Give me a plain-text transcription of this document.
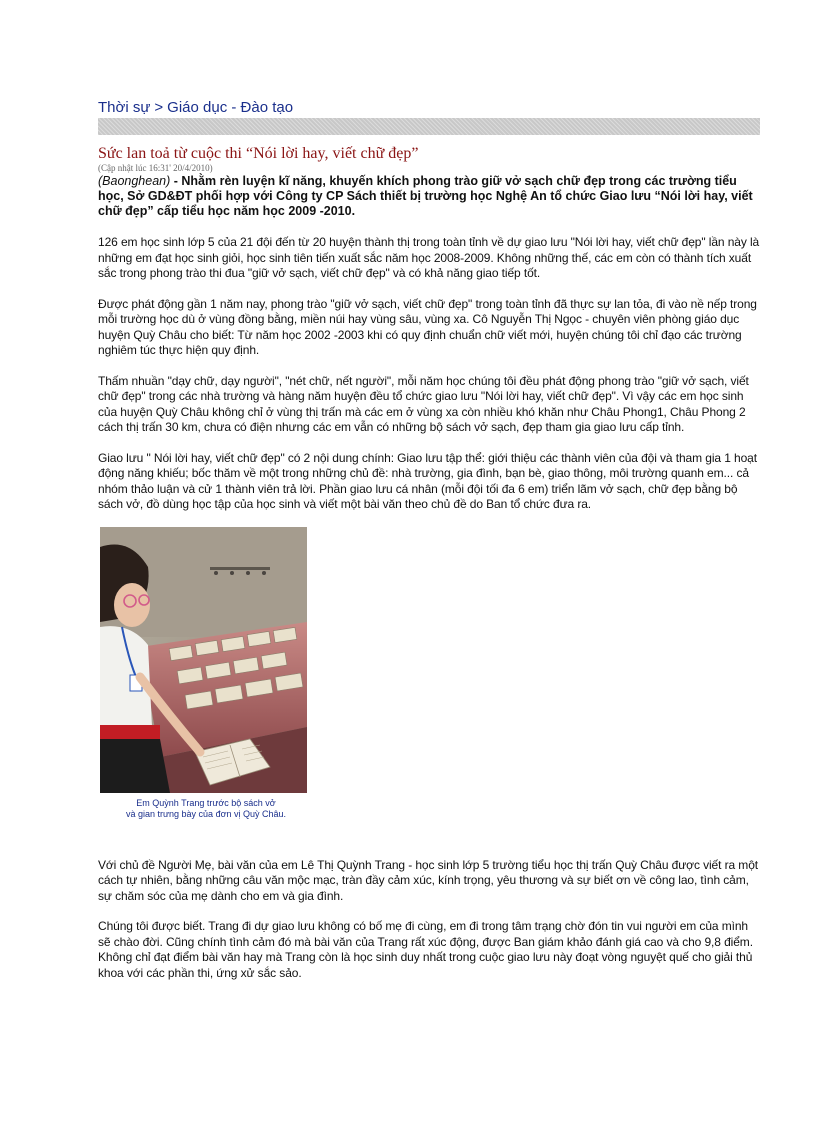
Thời sự > Giáo dục - Đào tạo
Sức lan toả từ cuộc thi “Nói lời hay, viết chữ đẹp”
(Cập nhật lúc 16:31' 20/4/2010)
(Baonghean) - Nhằm rèn luyện kĩ năng, khuyến khích phong trào giữ vở sạch chữ đẹp trong các trường tiểu học, Sở GD&ĐT phối hợp với Công ty CP Sách thiết bị trường học Nghệ An tổ chức Giao lưu “Nói lời hay, viết chữ đẹp” cấp tiểu học năm học 2009 -2010.

126 em học sinh lớp 5 của 21 đội đến từ 20 huyện thành thị trong toàn tỉnh về dự giao lưu "Nói lời hay, viết chữ đẹp" lần này là những em đạt học sinh giỏi, học sinh tiên tiến xuất sắc năm học 2008-2009. Không những thế, các em còn có thành tích xuất sắc trong phong trào thi đua "giữ vở sạch, viết chữ đẹp" và có khả năng giao tiếp tốt.

Được phát động gần 1 năm nay, phong trào "giữ vở sạch, viết chữ đẹp" trong toàn tỉnh đã thực sự lan tỏa, đi vào nề nếp trong mỗi trường học dù ở vùng đồng bằng, miền núi hay vùng sâu, vùng xa. Cô Nguyễn Thị Ngọc - chuyên viên phòng giáo dục huyện Quỳ Châu cho biết: Từ năm học 2002 -2003 khi có quy định chuẩn chữ viết mới, huyện chúng tôi chỉ đạo các trường nghiêm túc thực hiện quy định.

Thấm nhuần "dạy chữ, dạy người", "nét chữ, nết người", mỗi năm học chúng tôi đều phát động phong trào "giữ vở sạch, viết chữ đẹp" trong các nhà trường và hàng năm huyện đều tổ chức giao lưu "Nói lời hay, viết chữ đẹp". Vì vậy các em học sinh của huyện Quỳ Châu không chỉ ở vùng thị trấn mà các em ở vùng xa còn nhiều khó khăn như Châu Phong1, Châu Phong 2 cách thị trấn 30 km, chưa có điện nhưng các em vẫn có những bộ sách vở sạch, đẹp tham gia giao lưu cấp tỉnh.

Giao lưu " Nói lời hay, viết chữ đẹp" có 2 nội dung chính: Giao lưu tập thể: giới thiệu các thành viên của đội và tham gia 1 hoạt động năng khiếu; bốc thăm về một trong những chủ đề: nhà trường, gia đình, bạn bè, giao thông, môi trường quanh em... cả nhóm thảo luận và cử 1 thành viên trả lời. Phần giao lưu cá nhân (mỗi đội tối đa 6 em) triển lãm vở sạch, chữ đẹp bằng bộ sách vở, đồ dùng học tập của học sinh và viết một bài văn theo chủ đề do Ban tổ chức đưa ra.

Em Quỳnh Trang trước bộ sách vở
và gian trưng bày của đơn vị Quỳ Châu.

Với chủ đề Người Mẹ, bài văn của em Lê Thị Quỳnh Trang - học sinh lớp 5 trường tiểu học thị trấn Quỳ Châu được viết ra một cách tự nhiên, bằng những câu văn mộc mạc, tràn đầy cảm xúc, kính trọng, yêu thương và sự biết ơn về công lao, tình cảm, sự chăm sóc của mẹ dành cho em và gia đình.

Chúng tôi được biết. Trang đi dự giao lưu không có bố mẹ đi cùng, em đi trong tâm trạng chờ đón tin vui người em của mình sẽ chào đời. Cũng chính tình cảm đó mà bài văn của Trang rất xúc động, được Ban giám khảo đánh giá cao và cho 9,8 điểm. Không chỉ đạt điểm bài văn hay mà Trang còn là học sinh duy nhất trong cuộc giao lưu này đoạt vòng nguyệt quế cho giải thủ khoa với các phần thi, ứng xử sắc sảo.
